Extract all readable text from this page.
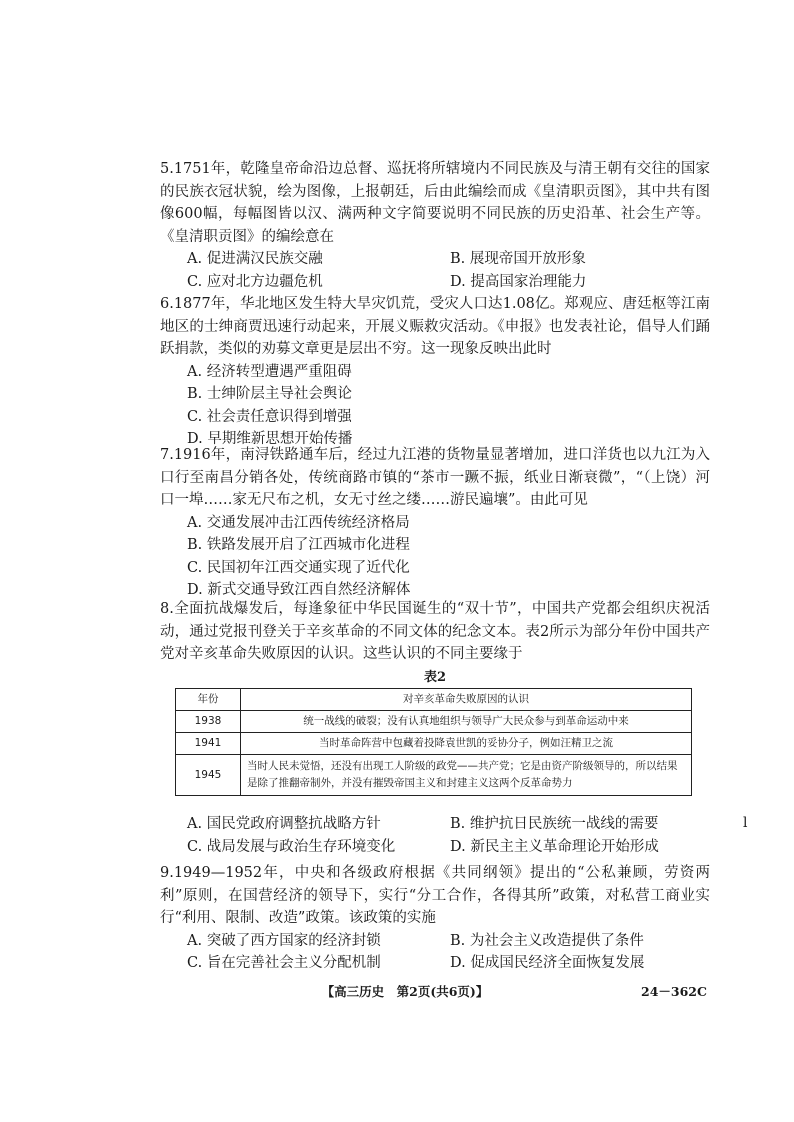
5.1751年，乾隆皇帝命沿边总督、巡抚将所辖境内不同民族及与清王朝有交往的国家的民族衣冠状貌，绘为图像，上报朝廷，后由此编绘而成《皇清职贡图》，其中共有图像600幅，每幅图皆以汉、满两种文字简要说明不同民族的历史沿革、社会生产等。《皇清职贡图》的编绘意在

A. 促进满汉民族交融	B. 展现帝国开放形象
C. 应对北方边疆危机	D. 提高国家治理能力

6.1877年，华北地区发生特大旱灾饥荒，受灾人口达1.08亿。郑观应、唐廷枢等江南地区的士绅商贾迅速行动起来，开展义赈救灾活动。《申报》也发表社论，倡导人们踊跃捐款，类似的劝募文章更是层出不穷。这一现象反映出此时

A. 经济转型遭遇严重阻碍
B. 士绅阶层主导社会舆论
C. 社会责任意识得到增强
D. 早期维新思想开始传播

7.1916年，南浔铁路通车后，经过九江港的货物量显著增加，进口洋货也以九江为入口行至南昌分销各处，传统商路市镇的“茶市一蹶不振，纸业日渐衰微”，“（上饶）河口一埠……家无尺布之机，女无寸丝之缕……游民遍壤”。由此可见

A. 交通发展冲击江西传统经济格局
B. 铁路发展开启了江西城市化进程
C. 民国初年江西交通实现了近代化
D. 新式交通导致江西自然经济解体

8.全面抗战爆发后，每逢象征中华民国诞生的“双十节”，中国共产党都会组织庆祝活动，通过党报刊登关于辛亥革命的不同文体的纪念文本。表2所示为部分年份中国共产党对辛亥革命失败原因的认识。这些认识的不同主要缘于

表2
年份	对辛亥革命失败原因的认识
1938	统一战线的破裂；没有认真地组织与领导广大民众参与到革命运动中来
1941	当时革命阵营中包藏着投降袁世凯的妥协分子，例如汪精卫之流
1945	当时人民未觉悟，还没有出现工人阶级的政党——共产党；它是由资产阶级领导的，所以结果是除了推翻帝制外，并没有摧毁帝国主义和封建主义这两个反革命势力
A. 国民党政府调整抗战略方针	B. 维护抗日民族统一战线的需要
C. 战局发展与政治生存环境变化	D. 新民主主义革命理论开始形成
l

9.1949—1952年，中央和各级政府根据《共同纲领》提出的“公私兼顾，劳资两利”原则，在国营经济的领导下，实行“分工合作，各得其所”政策，对私营工商业实行“利用、限制、改造”政策。该政策的实施

A. 突破了西方国家的经济封锁	B. 为社会主义改造提供了条件
C. 旨在完善社会主义分配机制	D. 促成国民经济全面恢复发展
【高三历史　第2页(共6页)】	24－362C
